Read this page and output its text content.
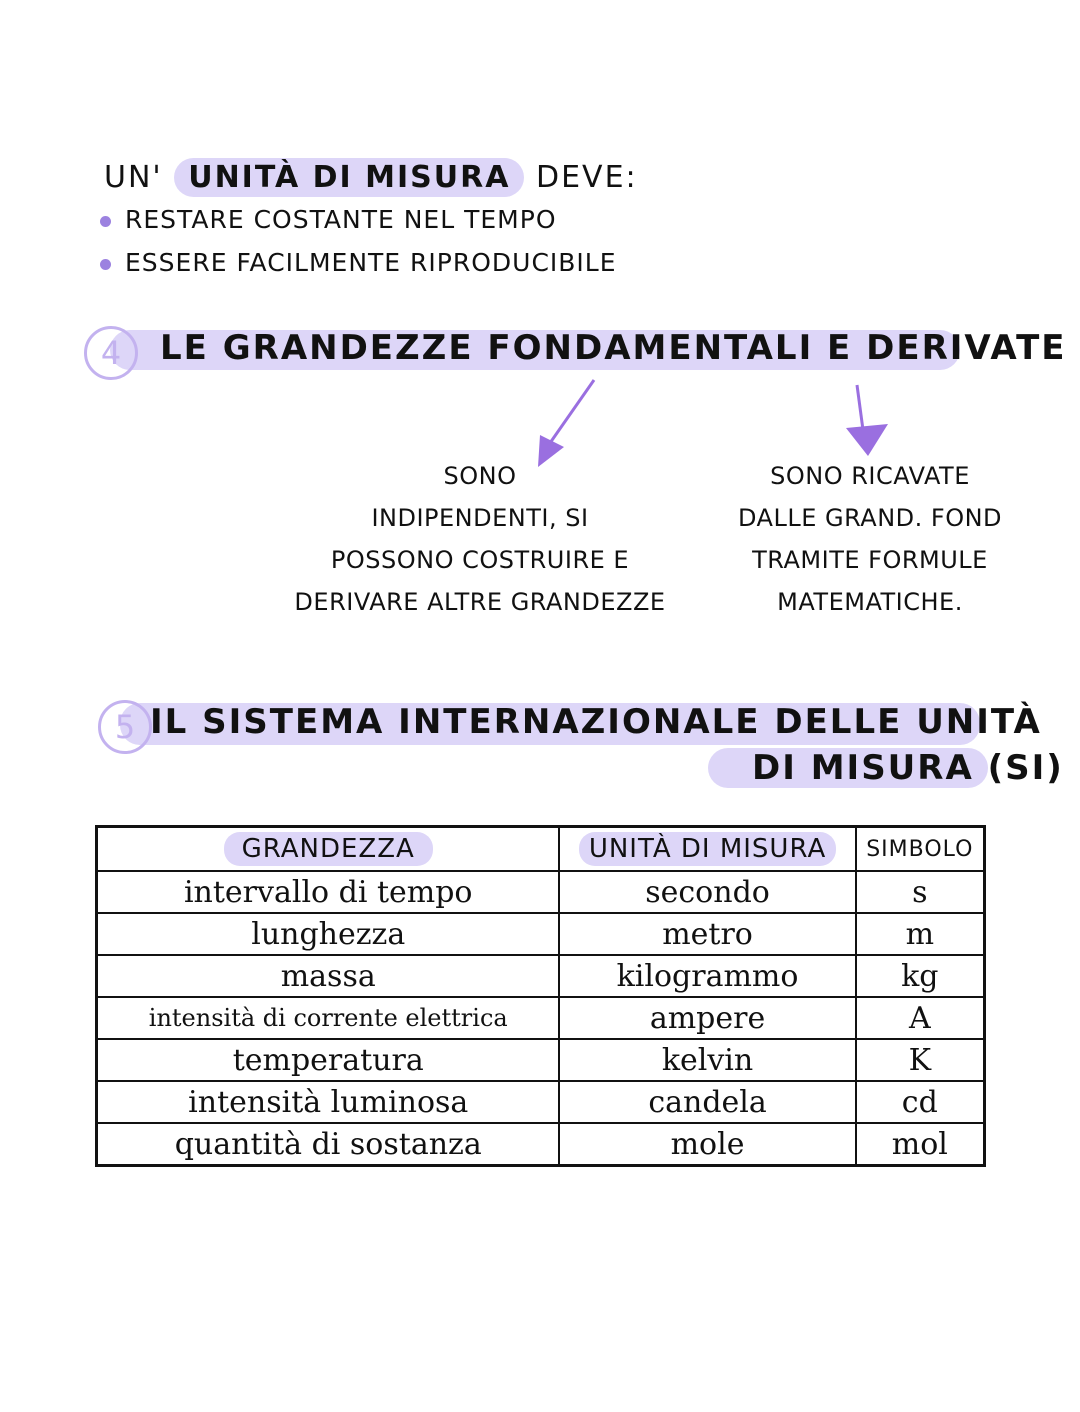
UN' UNITÀ DI MISURA DEVE:
RESTARE COSTANTE NEL TEMPO
ESSERE FACILMENTE RIPRODUCIBILE
4	LE GRANDEZZE FONDAMENTALI E DERIVATE
SONO
INDIPENDENTI, SI
POSSONO COSTRUIRE E
DERIVARE ALTRE GRANDEZZE
SONO RICAVATE
DALLE GRAND. FOND
TRAMITE FORMULE
MATEMATICHE.
5 IL SISTEMA INTERNAZIONALE DELLE UNITÀ
DI MISURA (SI)
GRANDEZZA	UNITÀ DI MISURA	SIMBOLO
intervallo di tempo	secondo	s
lunghezza	metro	m
massa	kilogrammo	kg
intensità di corrente elettrica	ampere	A
temperatura	kelvin	K
intensità luminosa	candela	cd
quantità di sostanza	mole	mol
